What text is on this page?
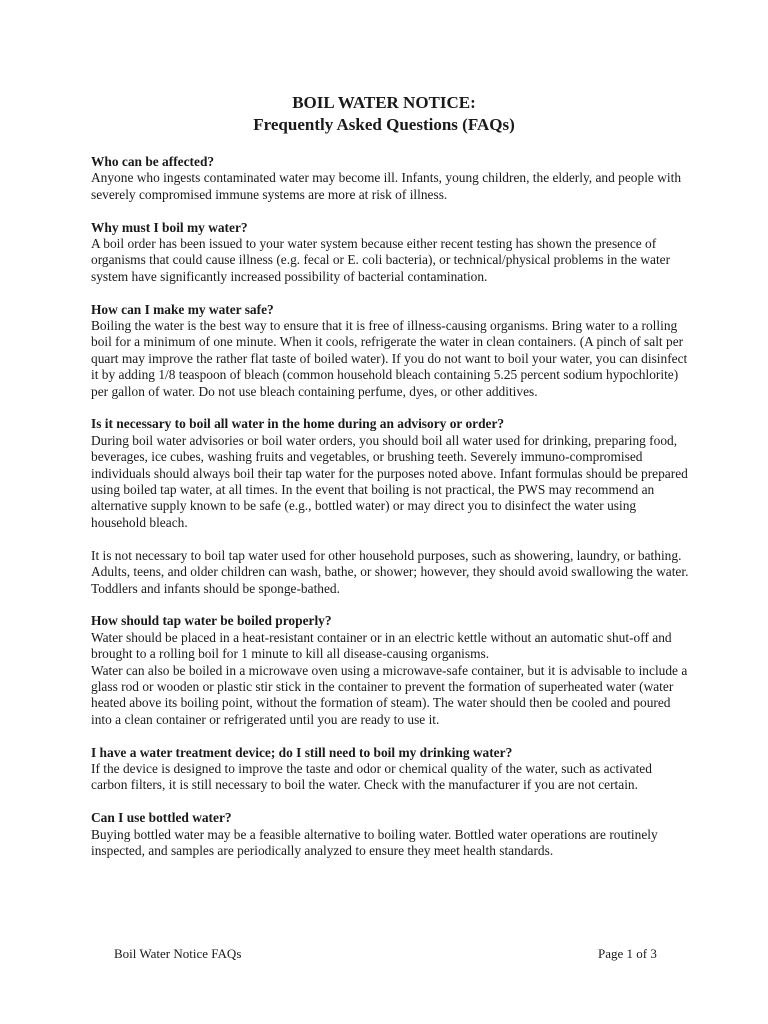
BOIL WATER NOTICE:
Frequently Asked Questions (FAQs)
Who can be affected?
Anyone who ingests contaminated water may become ill. Infants, young children, the elderly, and people with severely compromised immune systems are more at risk of illness.
Why must I boil my water?
A boil order has been issued to your water system because either recent testing has shown the presence of organisms that could cause illness (e.g. fecal or E. coli bacteria), or technical/physical problems in the water system have significantly increased possibility of bacterial contamination.
How can I make my water safe?
Boiling the water is the best way to ensure that it is free of illness-causing organisms. Bring water to a rolling boil for a minimum of one minute. When it cools, refrigerate the water in clean containers. (A pinch of salt per quart may improve the rather flat taste of boiled water). If you do not want to boil your water, you can disinfect it by adding 1/8 teaspoon of bleach (common household bleach containing 5.25 percent sodium hypochlorite) per gallon of water. Do not use bleach containing perfume, dyes, or other additives.
Is it necessary to boil all water in the home during an advisory or order?
During boil water advisories or boil water orders, you should boil all water used for drinking, preparing food, beverages, ice cubes, washing fruits and vegetables, or brushing teeth. Severely immuno-compromised individuals should always boil their tap water for the purposes noted above. Infant formulas should be prepared using boiled tap water, at all times. In the event that boiling is not practical, the PWS may recommend an alternative supply known to be safe (e.g., bottled water) or may direct you to disinfect the water using household bleach.
It is not necessary to boil tap water used for other household purposes, such as showering, laundry, or bathing. Adults, teens, and older children can wash, bathe, or shower; however, they should avoid swallowing the water. Toddlers and infants should be sponge-bathed.
How should tap water be boiled properly?
Water should be placed in a heat-resistant container or in an electric kettle without an automatic shut-off and brought to a rolling boil for 1 minute to kill all disease-causing organisms.
Water can also be boiled in a microwave oven using a microwave-safe container, but it is advisable to include a glass rod or wooden or plastic stir stick in the container to prevent the formation of superheated water (water heated above its boiling point, without the formation of steam). The water should then be cooled and poured into a clean container or refrigerated until you are ready to use it.
I have a water treatment device; do I still need to boil my drinking water?
If the device is designed to improve the taste and odor or chemical quality of the water, such as activated carbon filters, it is still necessary to boil the water. Check with the manufacturer if you are not certain.
Can I use bottled water?
Buying bottled water may be a feasible alternative to boiling water. Bottled water operations are routinely inspected, and samples are periodically analyzed to ensure they meet health standards.
Boil Water Notice FAQs	Page 1 of 3
